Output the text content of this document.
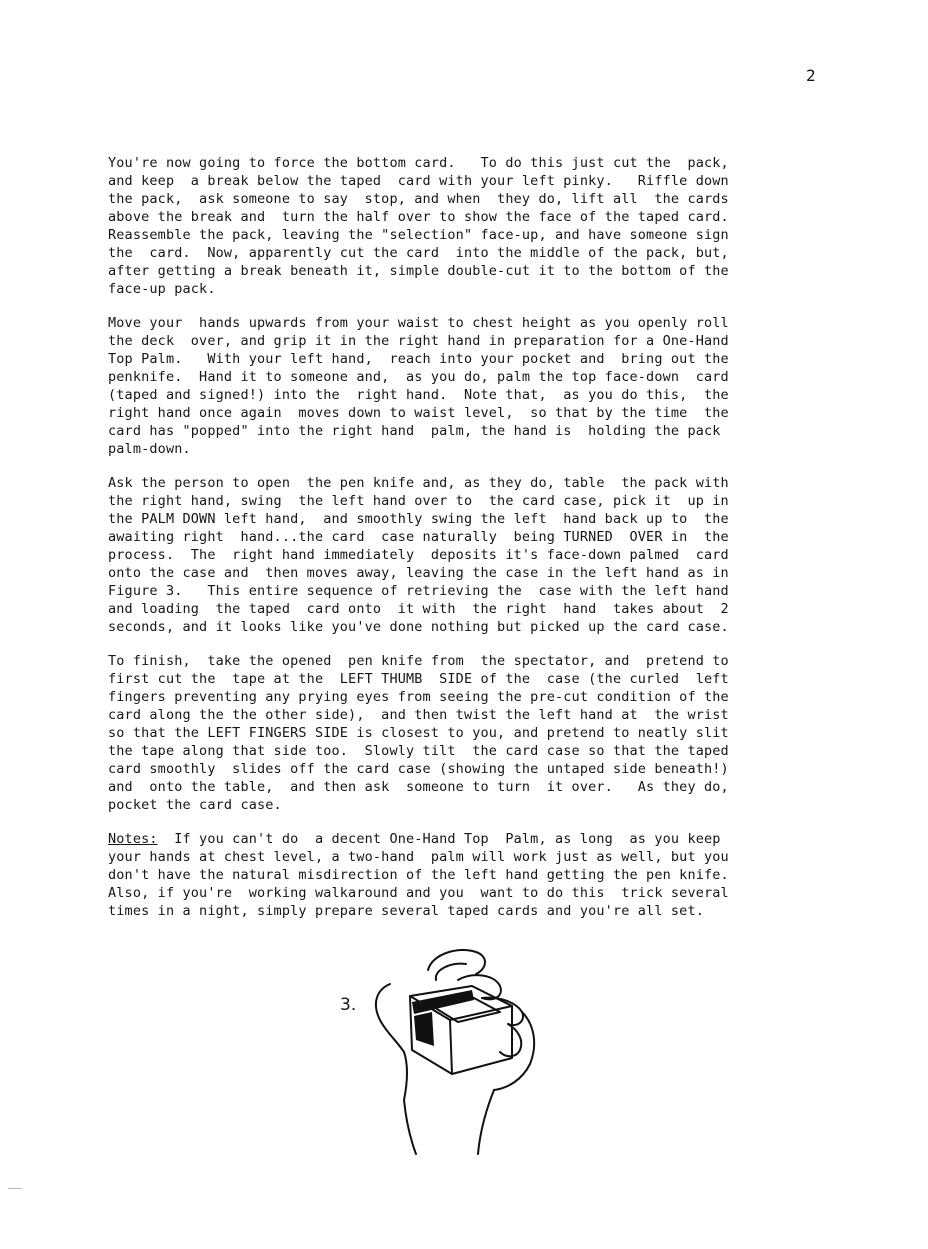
2
You're now going to force the bottom card.   To do this just cut the  pack,
and keep  a break below the taped  card with your left pinky.   Riffle down
the pack,  ask someone to say  stop, and when  they do, lift all  the cards
above the break and  turn the half over to show the face of the taped card.
Reassemble the pack, leaving the "selection" face-up, and have someone sign
the  card.  Now, apparently cut the card  into the middle of the pack, but,
after getting a break beneath it, simple double-cut it to the bottom of the
face-up pack.
Move your  hands upwards from your waist to chest height as you openly roll
the deck  over, and grip it in the right hand in preparation for a One-Hand
Top Palm.   With your left hand,  reach into your pocket and  bring out the
penknife.  Hand it to someone and,  as you do, palm the top face-down  card
(taped and signed!) into the  right hand.  Note that,  as you do this,  the
right hand once again  moves down to waist level,  so that by the time  the
card has "popped" into the right hand  palm, the hand is  holding the pack
palm-down.
Ask the person to open  the pen knife and, as they do, table  the pack with
the right hand, swing  the left hand over to  the card case, pick it  up in
the PALM DOWN left hand,  and smoothly swing the left  hand back up to  the
awaiting right  hand...the card  case naturally  being TURNED  OVER in  the
process.  The  right hand immediately  deposits it's face-down palmed  card
onto the case and  then moves away, leaving the case in the left hand as in
Figure 3.   This entire sequence of retrieving the  case with the left hand
and loading  the taped  card onto  it with  the right  hand  takes about  2
seconds, and it looks like you've done nothing but picked up the card case.
To finish,  take the opened  pen knife from  the spectator, and  pretend to
first cut the  tape at the  LEFT THUMB  SIDE of the  case (the curled  left
fingers preventing any prying eyes from seeing the pre-cut condition of the
card along the the other side),  and then twist the left hand at  the wrist
so that the LEFT FINGERS SIDE is closest to you, and pretend to neatly slit
the tape along that side too.  Slowly tilt  the card case so that the taped
card smoothly  slides off the card case (showing the untaped side beneath!)
and  onto the table,  and then ask  someone to turn  it over.   As they do,
pocket the card case.
Notes:  If you can't do  a decent One-Hand Top  Palm, as long  as you keep
your hands at chest level, a two-hand  palm will work just as well, but you
don't have the natural misdirection of the left hand getting the pen knife.
Also, if you're  working walkaround and you  want to do this  trick several
times in a night, simply prepare several taped cards and you're all set.
3.
